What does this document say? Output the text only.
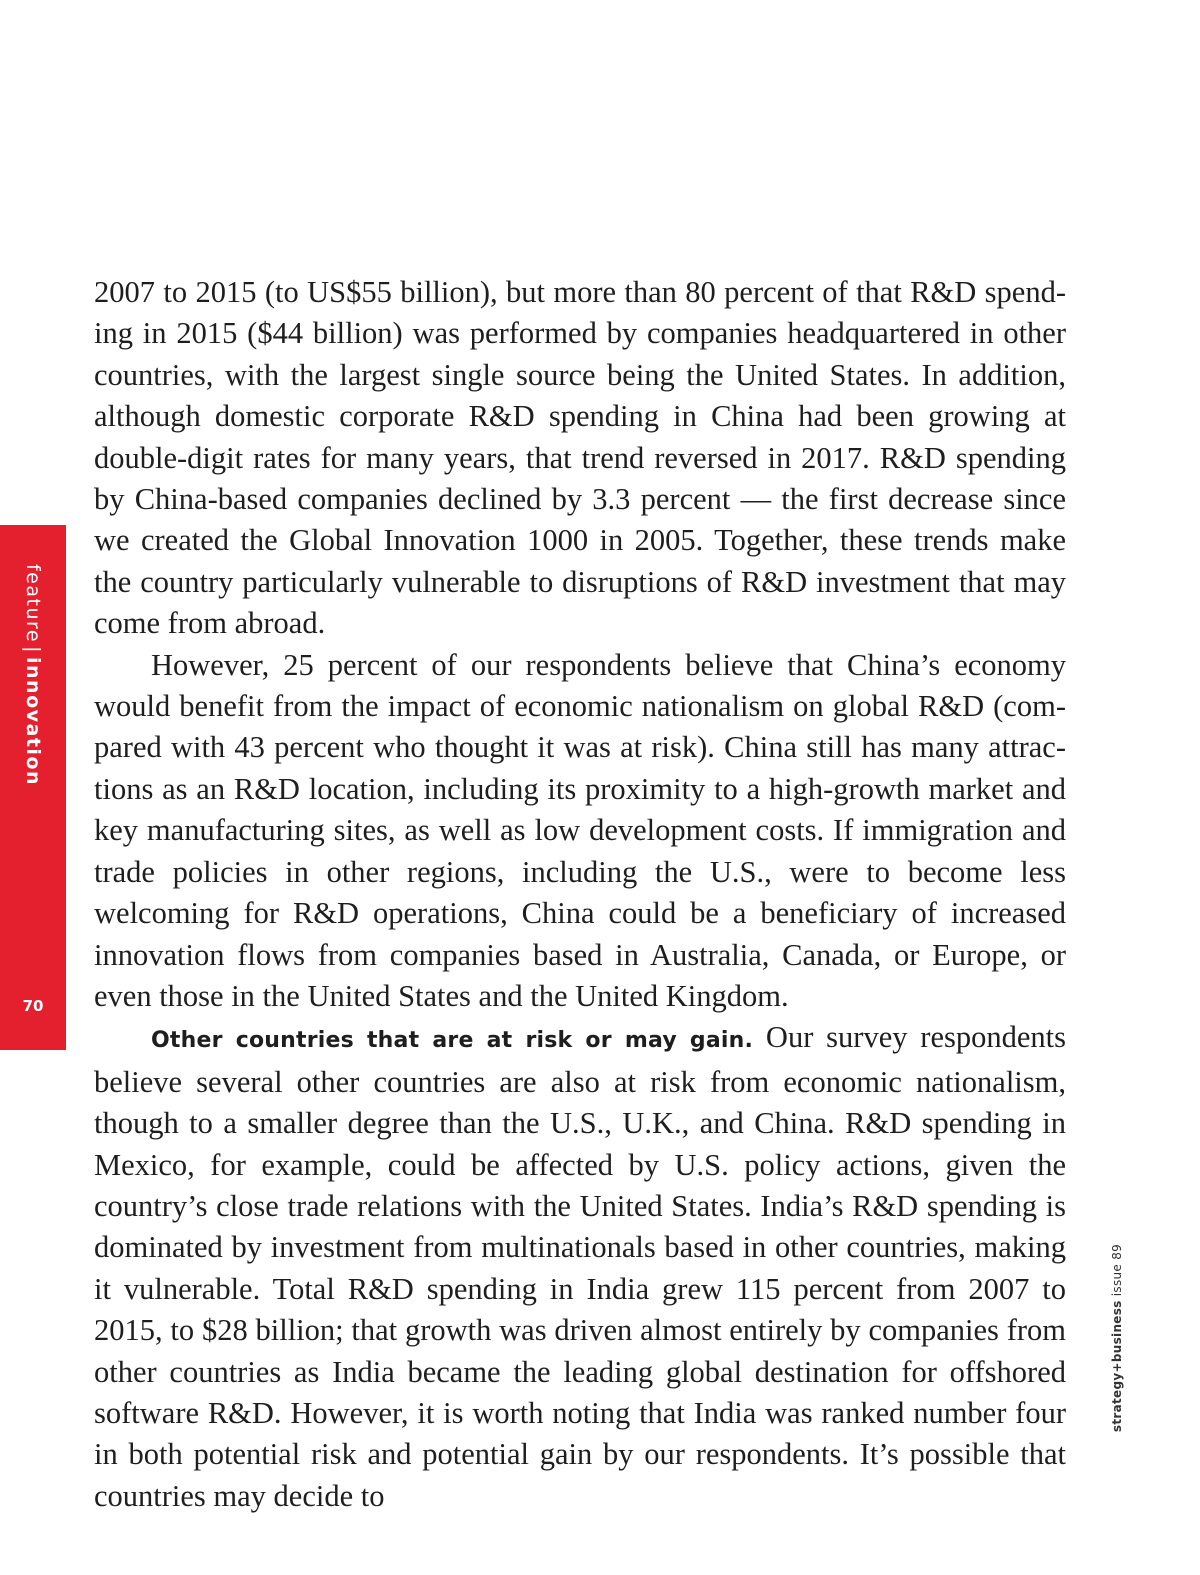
feature|innovation
70

2007 to 2015 (to US$55 billion), but more than 80 percent of that R&D spending in 2015 ($44 billion) was performed by companies headquartered in other countries, with the largest single source being the United States. In addition, although domestic corporate R&D spending in China had been growing at double-digit rates for many years, that trend reversed in 2017. R&D spending by China-based companies declined by 3.3 percent — the first decrease since we created the Global Innovation 1000 in 2005. Together, these trends make the country particularly vulnerable to disruptions of R&D investment that may come from abroad.

However, 25 percent of our respondents believe that China’s economy would benefit from the impact of economic nationalism on global R&D (compared with 43 percent who thought it was at risk). China still has many attractions as an R&D location, including its proximity to a high-growth market and key manufacturing sites, as well as low development costs. If immigration and trade policies in other regions, including the U.S., were to become less welcoming for R&D operations, China could be a beneficiary of increased innovation flows from companies based in Australia, Canada, or Europe, or even those in the United States and the United Kingdom.

Other countries that are at risk or may gain. Our survey respondents believe several other countries are also at risk from economic nationalism, though to a smaller degree than the U.S., U.K., and China. R&D spending in Mexico, for example, could be affected by U.S. policy actions, given the country’s close trade relations with the United States. India’s R&D spending is dominated by investment from multinationals based in other countries, making it vulnerable. Total R&D spending in India grew 115 percent from 2007 to 2015, to $28 billion; that growth was driven almost entirely by companies from other countries as India became the leading global destination for offshored software R&D. However, it is worth noting that India was ranked number four in both potential risk and potential gain by our respondents. It’s possible that countries may decide to

strategy+business issue 89
